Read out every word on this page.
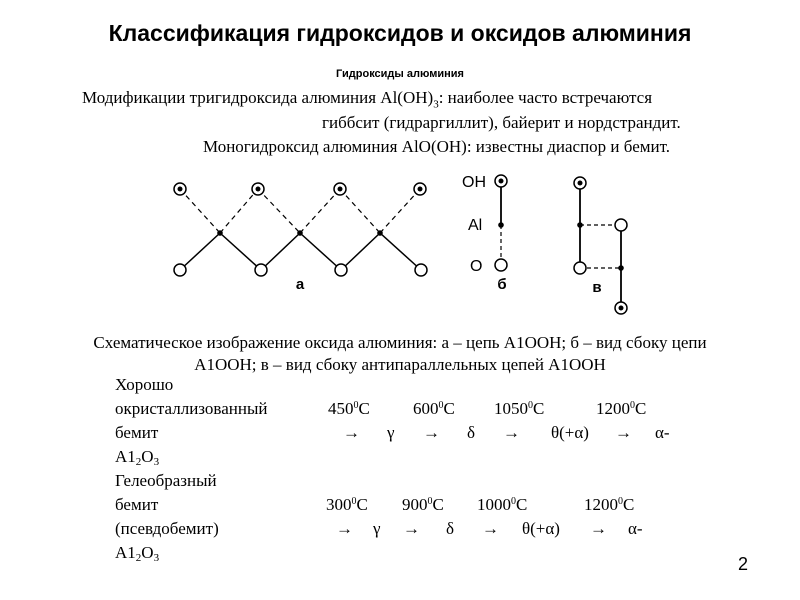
Классификация гидроксидов и оксидов алюминия
Гидроксиды алюминия
Модификации тригидроксида алюминия $Al(OH)_3$: наиболее часто встречаются
гиббсит (гидраргиллит), байерит и нордстрандит.
Моногидроксид алюминия AlO(OH): известны диаспор и бемит.
а
OH
Al
O
б	в
Схематическое изображение оксида алюминия: а – цепь А1ООН; б – вид сбоку цепи
А1ООН; в – вид сбоку антипараллельных цепей А1ООН
Хорошо
окристаллизованный
бемит
$А1_2O_3$
$450^0C$	$600^0C$ 1050$^0$C	$1200^0C$
→ γ → δ → θ(+α) → α-
Гелеобразный
бемит
(псевдобемит)
$А1_2O_3$
$300^0C$ $900^0C$ 1000$^0$C	$1200^0C$
→ γ → δ → θ(+α) → α-
2
